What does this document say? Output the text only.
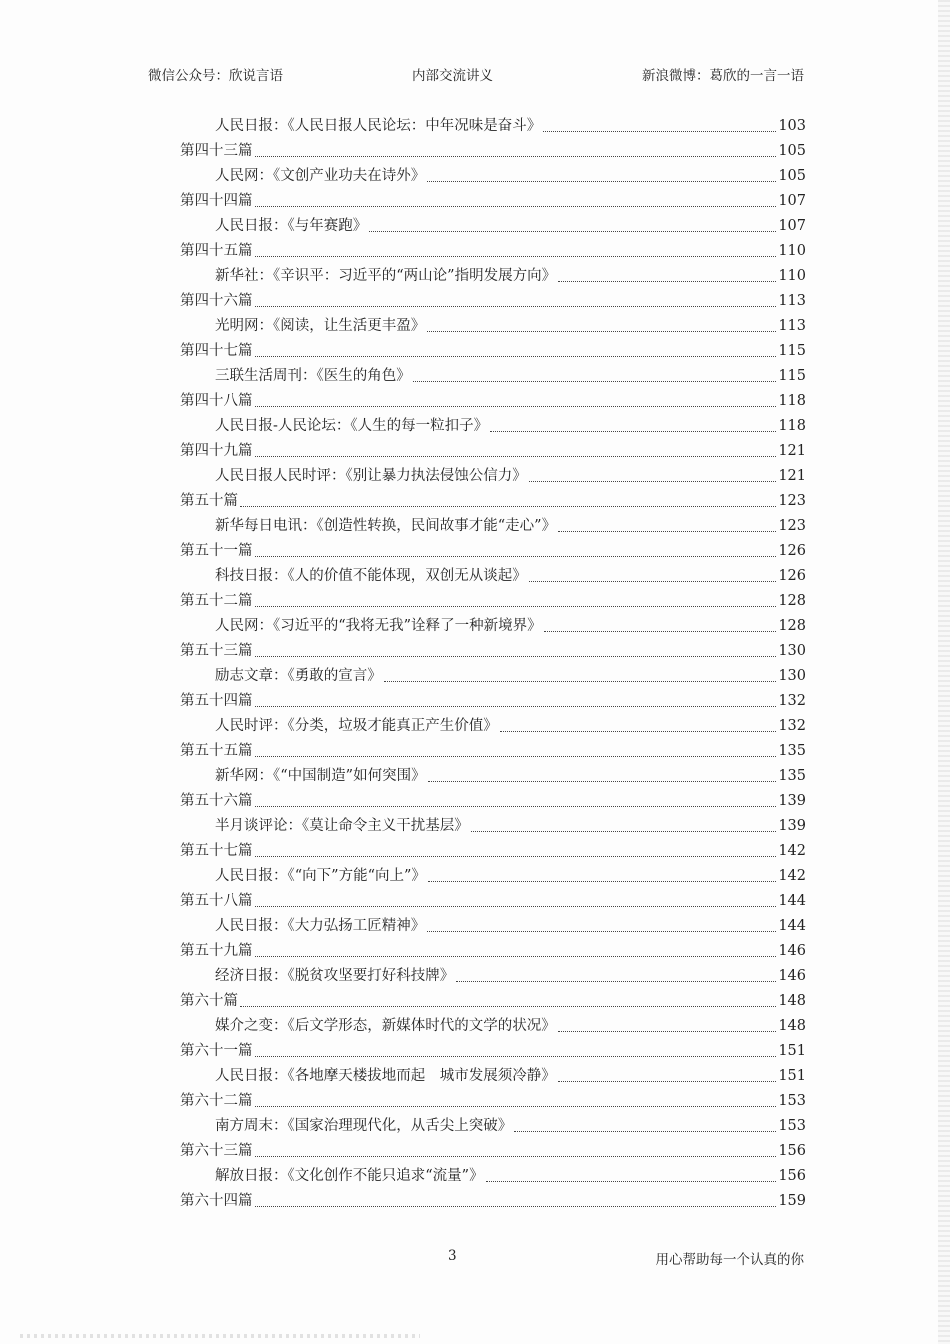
微信公众号：欣说言语	内部交流讲义	新浪微博：葛欣的一言一语
人民日报：《人民日报人民论坛：中年况味是奋斗》	103
第四十三篇	105
人民网：《文创产业功夫在诗外》	105
第四十四篇	107
人民日报：《与年赛跑》	107
第四十五篇	110
新华社：《辛识平：习近平的“两山论”指明发展方向》	110
第四十六篇	113
光明网：《阅读，让生活更丰盈》	113
第四十七篇	115
三联生活周刊：《医生的角色》	115
第四十八篇	118
人民日报-人民论坛：《人生的每一粒扣子》	118
第四十九篇	121
人民日报人民时评：《别让暴力执法侵蚀公信力》	121
第五十篇	123
新华每日电讯：《创造性转换，民间故事才能“走心”》	123
第五十一篇	126
科技日报：《人的价值不能体现，双创无从谈起》	126
第五十二篇	128
人民网：《习近平的“我将无我”诠释了一种新境界》	128
第五十三篇	130
励志文章：《勇敢的宣言》	130
第五十四篇	132
人民时评：《分类，垃圾才能真正产生价值》	132
第五十五篇	135
新华网：《“中国制造”如何突围》	135
第五十六篇	139
半月谈评论：《莫让命令主义干扰基层》	139
第五十七篇	142
人民日报：《“向下”方能“向上”》	142
第五十八篇	144
人民日报：《大力弘扬工匠精神》	144
第五十九篇	146
经济日报：《脱贫攻坚要打好科技牌》	146
第六十篇	148
媒介之变：《后文学形态，新媒体时代的文学的状况》	148
第六十一篇	151
人民日报：《各地摩天楼拔地而起　城市发展须冷静》	151
第六十二篇	153
南方周末：《国家治理现代化，从舌尖上突破》	153
第六十三篇	156
解放日报：《文化创作不能只追求“流量”》	156
第六十四篇	159
3	用心帮助每一个认真的你
